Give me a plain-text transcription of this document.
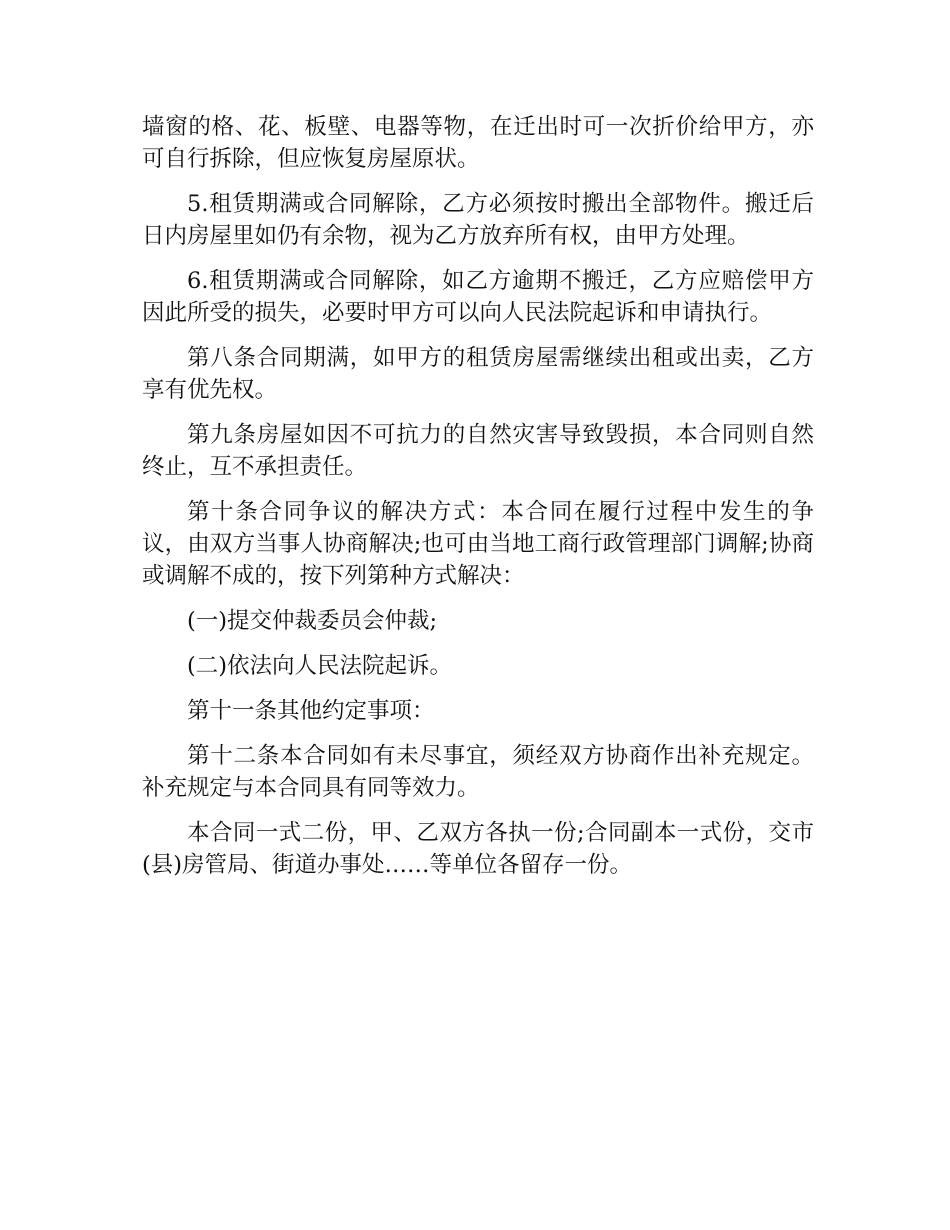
墙窗的格、花、板壁、电器等物，在迁出时可一次折价给甲方，亦可自行拆除，但应恢复房屋原状。

5.租赁期满或合同解除，乙方必须按时搬出全部物件。搬迁后日内房屋里如仍有余物，视为乙方放弃所有权，由甲方处理。

6.租赁期满或合同解除，如乙方逾期不搬迁，乙方应赔偿甲方因此所受的损失，必要时甲方可以向人民法院起诉和申请执行。

第八条合同期满，如甲方的租赁房屋需继续出租或出卖，乙方享有优先权。

第九条房屋如因不可抗力的自然灾害导致毁损，本合同则自然终止，互不承担责任。

第十条合同争议的解决方式：本合同在履行过程中发生的争议，由双方当事人协商解决;也可由当地工商行政管理部门调解;协商或调解不成的，按下列第种方式解决：

(一)提交仲裁委员会仲裁;

(二)依法向人民法院起诉。

第十一条其他约定事项：

第十二条本合同如有未尽事宜，须经双方协商作出补充规定。补充规定与本合同具有同等效力。

本合同一式二份，甲、乙双方各执一份;合同副本一式份，交市(县)房管局、街道办事处……等单位各留存一份。
